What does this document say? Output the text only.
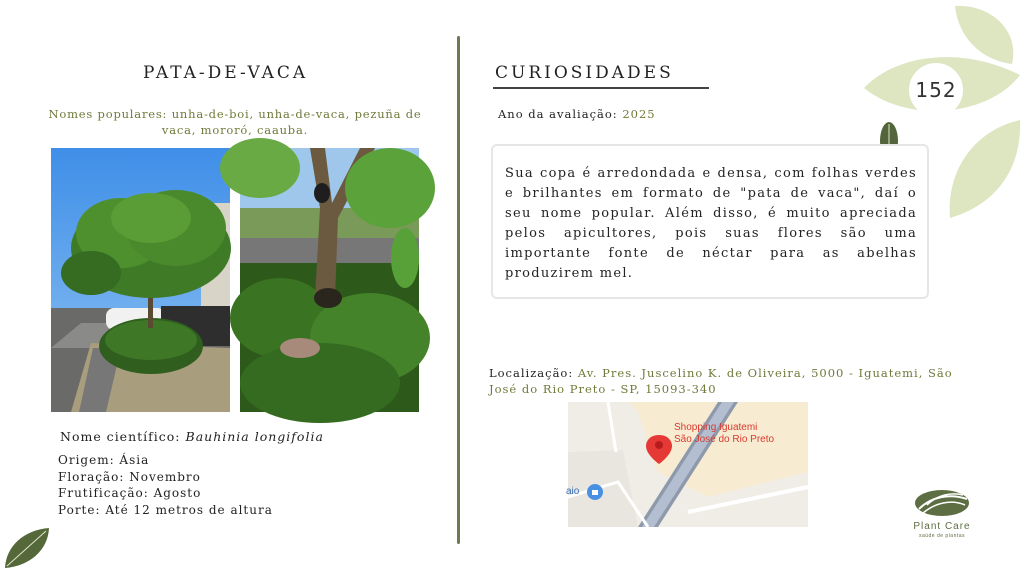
152
PATA-DE-VACA
Nomes populares: unha-de-boi, unha-de-vaca, pezuña de vaca, mororó, caauba.
Nome científico: Bauhinia longifolia
Origem: Ásia
Floração: Novembro
Frutificação: Agosto
Porte: Até 12 metros de altura
CURIOSIDADES
Ano da avaliação: 2025

Sua copa é arredondada e densa, com folhas verdes e brilhantes em formato de "pata de vaca", daí o seu nome popular. Além disso, é muito apreciada pelos apicultores, pois suas flores são uma importante fonte de néctar para as abelhas produzirem mel.

Localização: Av. Pres. Juscelino K. de Oliveira, 5000 - Iguatemi, São José do Rio Preto - SP, 15093-340
Shopping Iguatemi
São José do Rio Preto
aio
Plant Care
saúde de plantas
